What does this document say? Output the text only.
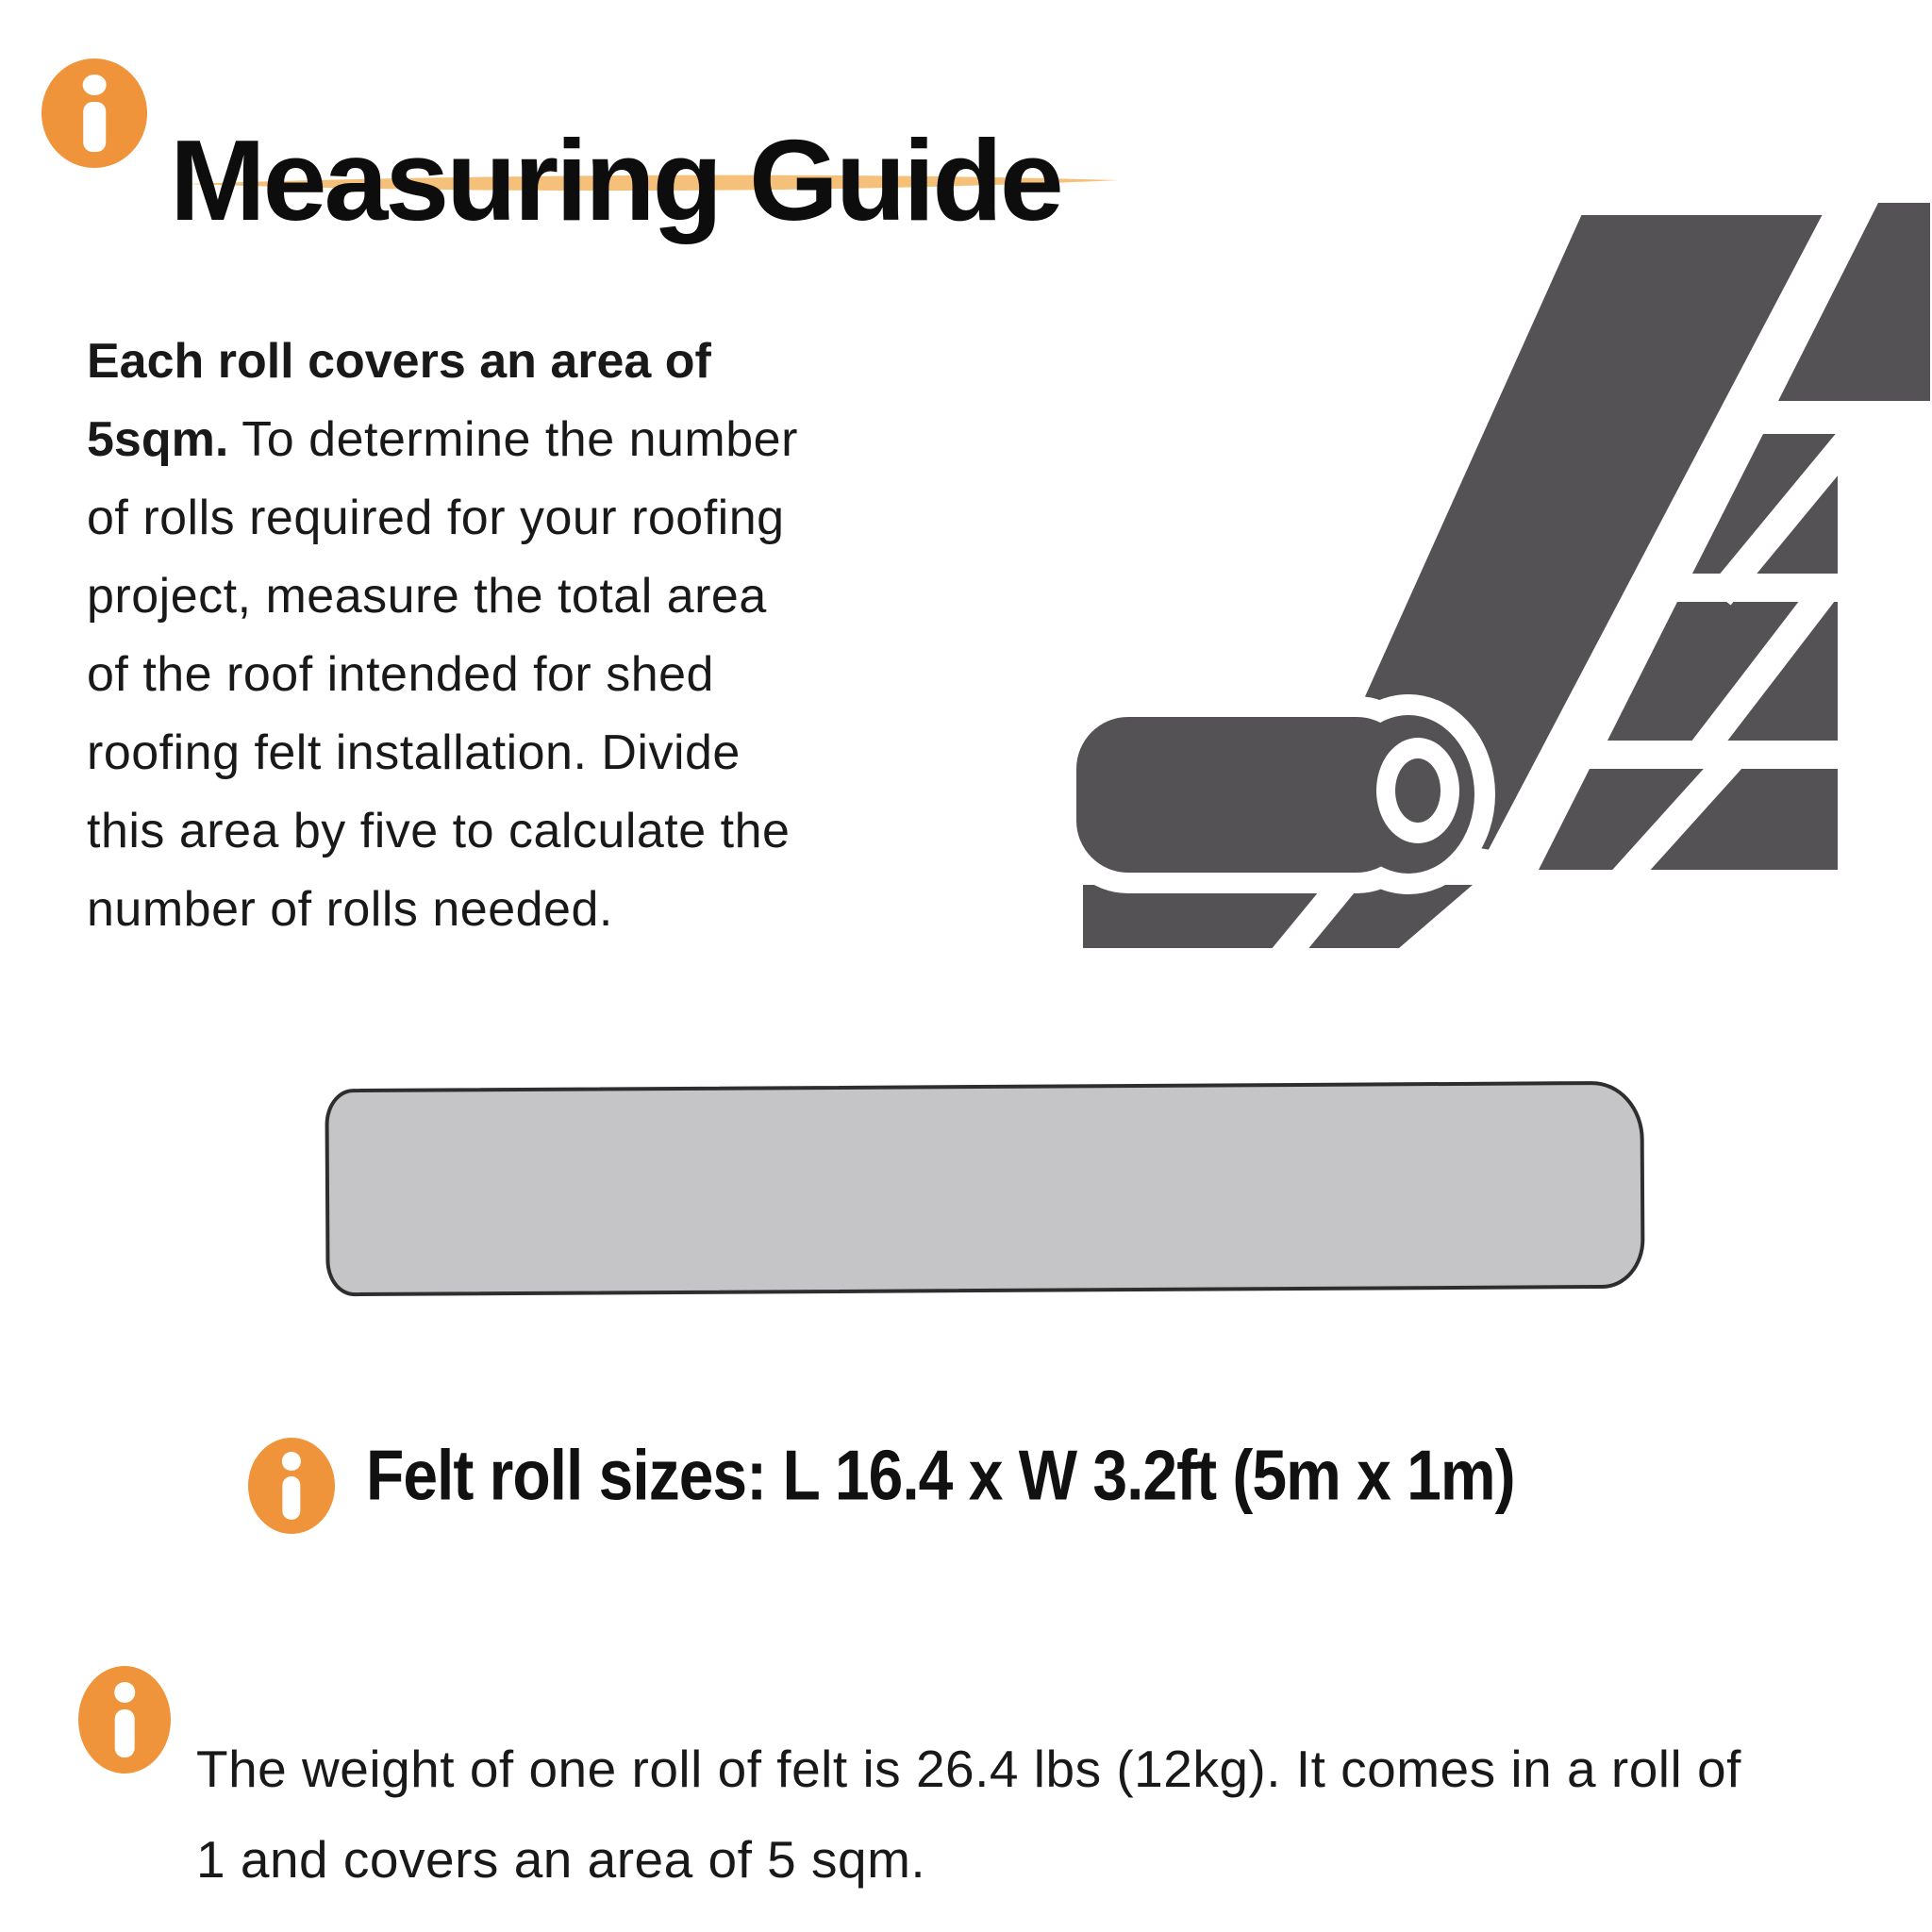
Measuring Guide

Each roll covers an area of 5sqm. To determine the number of rolls required for your roofing project, measure the total area of the roof intended for shed roofing felt installation. Divide this area by five to calculate the number of rolls needed.

Felt roll sizes: L 16.4 x W 3.2ft (5m x 1m)

The weight of one roll of felt is 26.4 lbs (12kg). It comes in a roll of 1 and covers an area of 5 sqm.
